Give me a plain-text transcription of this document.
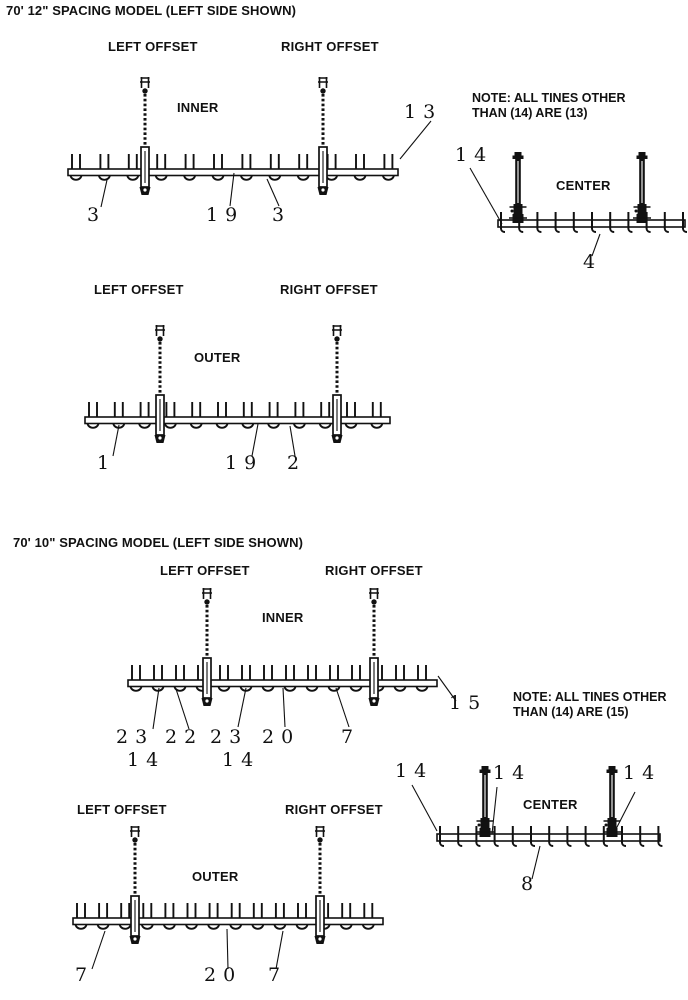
70' 12" SPACING MODEL (LEFT SIDE SHOWN)
LEFT OFFSET	RIGHT OFFSET
INNER	13
3	19 3
NOTE: ALL TINES OTHER
THAN (14) ARE (13)
CENTER
14
4
LEFT OFFSET	RIGHT OFFSET
OUTER
1	19 2
70' 10" SPACING MODEL (LEFT SIDE SHOWN)
LEFT OFFSET	RIGHT OFFSET
INNER
23 22 23 20 7
14	14
15 NOTE: ALL TINES OTHER
THAN (14) ARE (15)
CENTER
14	14	14
8
LEFT OFFSET	RIGHT OFFSET
OUTER
7	20 7
